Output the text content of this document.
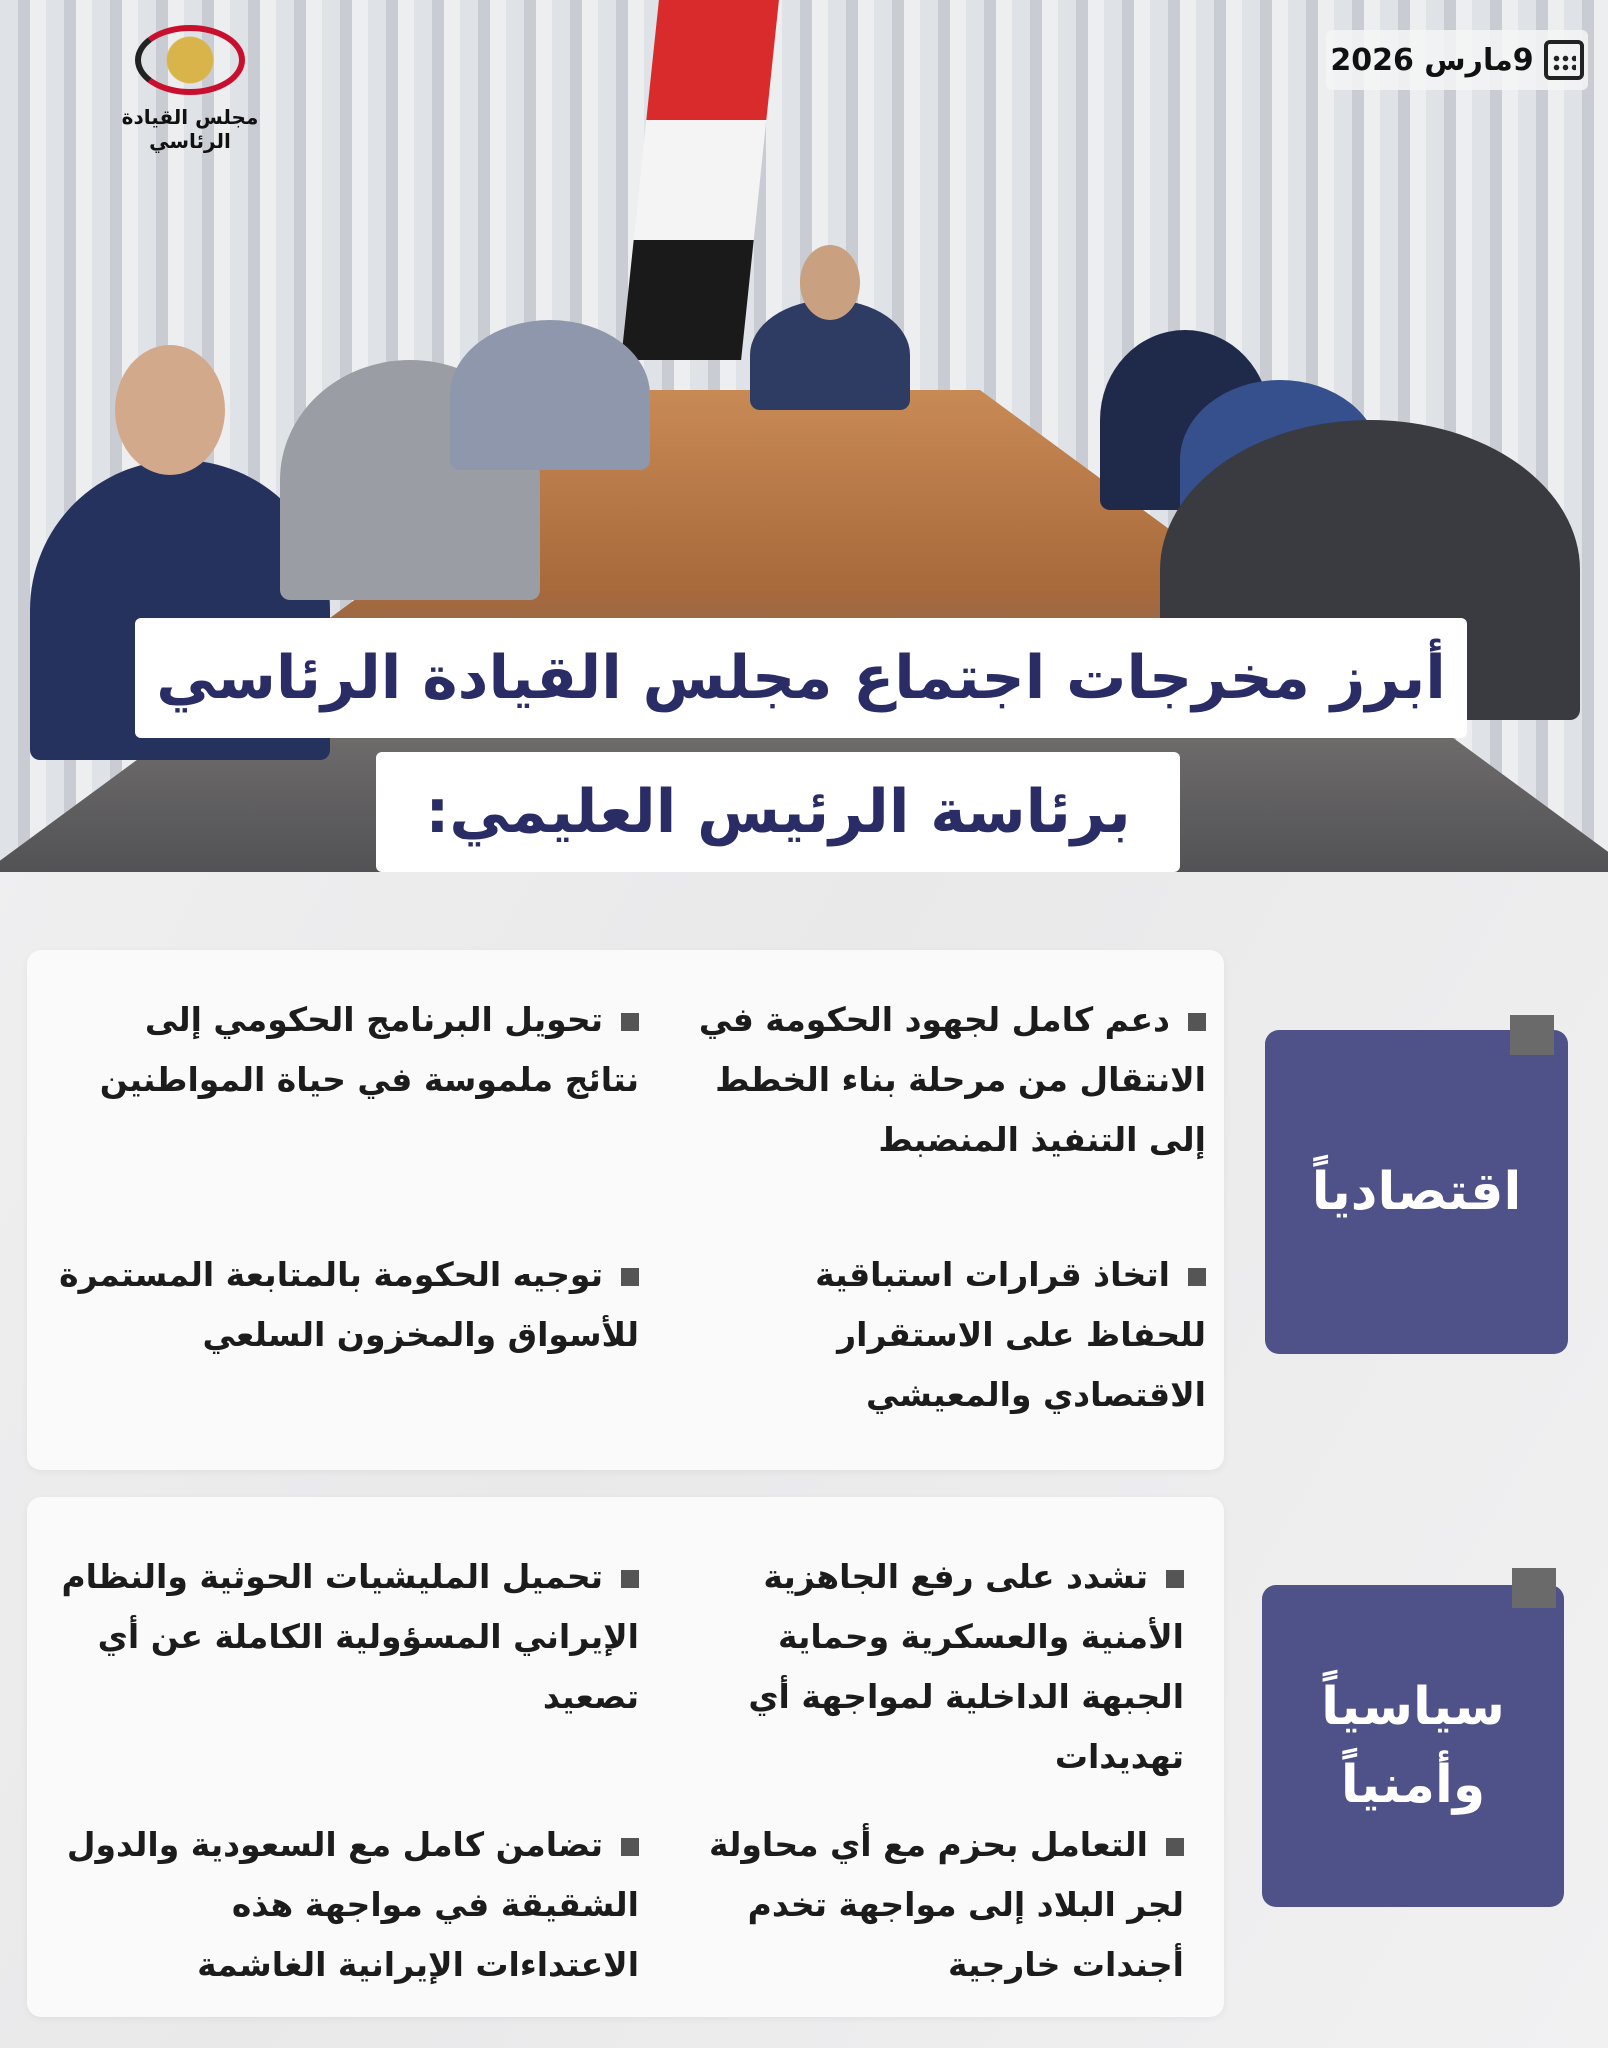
مجلس القيادة الرئاسي
9مارس 2026
أبرز مخرجات اجتماع مجلس القيادة الرئاسي
برئاسة الرئيس العليمي:
دعم كامل لجهود الحكومة في الانتقال من مرحلة بناء الخطط إلى التنفيذ المنضبط
تحويل البرنامج الحكومي إلى نتائج ملموسة في حياة المواطنين
اتخاذ قرارات استباقية للحفاظ على الاستقرار الاقتصادي والمعيشي
توجيه الحكومة بالمتابعة المستمرة للأسواق والمخزون السلعي
اقتصادياً
تشدد على رفع الجاهزية الأمنية والعسكرية وحماية الجبهة الداخلية لمواجهة أي تهديدات
تحميل المليشيات الحوثية والنظام الإيراني المسؤولية الكاملة عن أي تصعيد
التعامل بحزم مع أي محاولة لجر البلاد إلى مواجهة تخدم أجندات خارجية
تضامن كامل مع السعودية والدول الشقيقة في مواجهة هذه الاعتداءات الإيرانية الغاشمة
سياسياً وأمنياً
